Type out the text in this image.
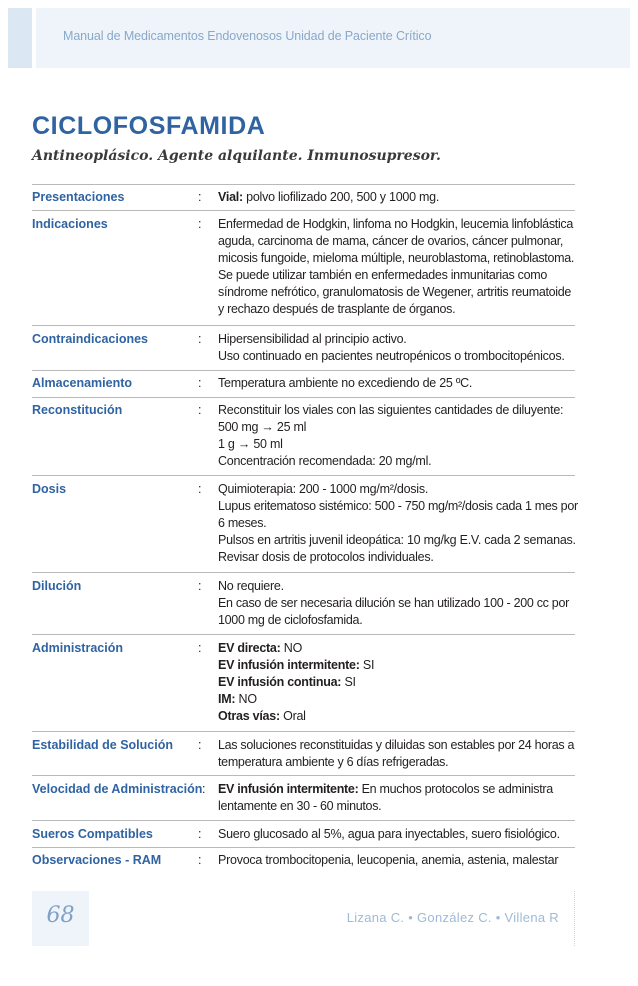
Manual de Medicamentos Endovenosos Unidad de Paciente Crítico
CICLOFOSFAMIDA

Antineoplásico. Agente alquilante. Inmunosupresor.

Presentaciones	: Vial: polvo liofilizado 200, 500 y 1000 mg.
Indicaciones	: Enfermedad de Hodgkin, linfoma no Hodgkin, leucemia linfoblástica aguda, carcinoma de mama, cáncer de ovarios, cáncer pulmonar, micosis fungoide, mieloma múltiple, neuroblastoma, retinoblastoma. Se puede utilizar también en enfermedades inmunitarias como síndrome nefrótico, granulomatosis de Wegener, artritis reumatoide y rechazo después de trasplante de órganos.
Contraindicaciones	: Hipersensibilidad al principio activo.
Uso continuado en pacientes neutropénicos o trombocitopénicos.
Almacenamiento	: Temperatura ambiente no excediendo de 25 ºC.
Reconstitución	: Reconstituir los viales con las siguientes cantidades de diluyente:
500 mg → 25 ml
1 g → 50 ml
Concentración recomendada: 20 mg/ml.
Dosis	: Quimioterapia: 200 - 1000 mg/m²/dosis.
Lupus eritematoso sistémico: 500 - 750 mg/m²/dosis cada 1 mes por 6 meses.
Pulsos en artritis juvenil ideopática: 10 mg/kg E.V. cada 2 semanas.
Revisar dosis de protocolos individuales.
Dilución	: No requiere.
En caso de ser necesaria dilución se han utilizado 100 - 200 cc por 1000 mg de ciclofosfamida.
Administración	: EV directa: NO
EV infusión intermitente: SI
EV infusión continua: SI
IM: NO
Otras vías: Oral
Estabilidad de Solución : Las soluciones reconstituidas y diluidas son estables por 24 horas a temperatura ambiente y 6 días refrigeradas.
Velocidad de Administración : EV infusión intermitente: En muchos protocolos se administra lentamente en 30 - 60 minutos.
Sueros Compatibles	: Suero glucosado al 5%, agua para inyectables, suero fisiológico.
Observaciones - RAM	: Provoca trombocitopenia, leucopenia, anemia, astenia, malestar
68	Lizana C. • González C. • Villena R
